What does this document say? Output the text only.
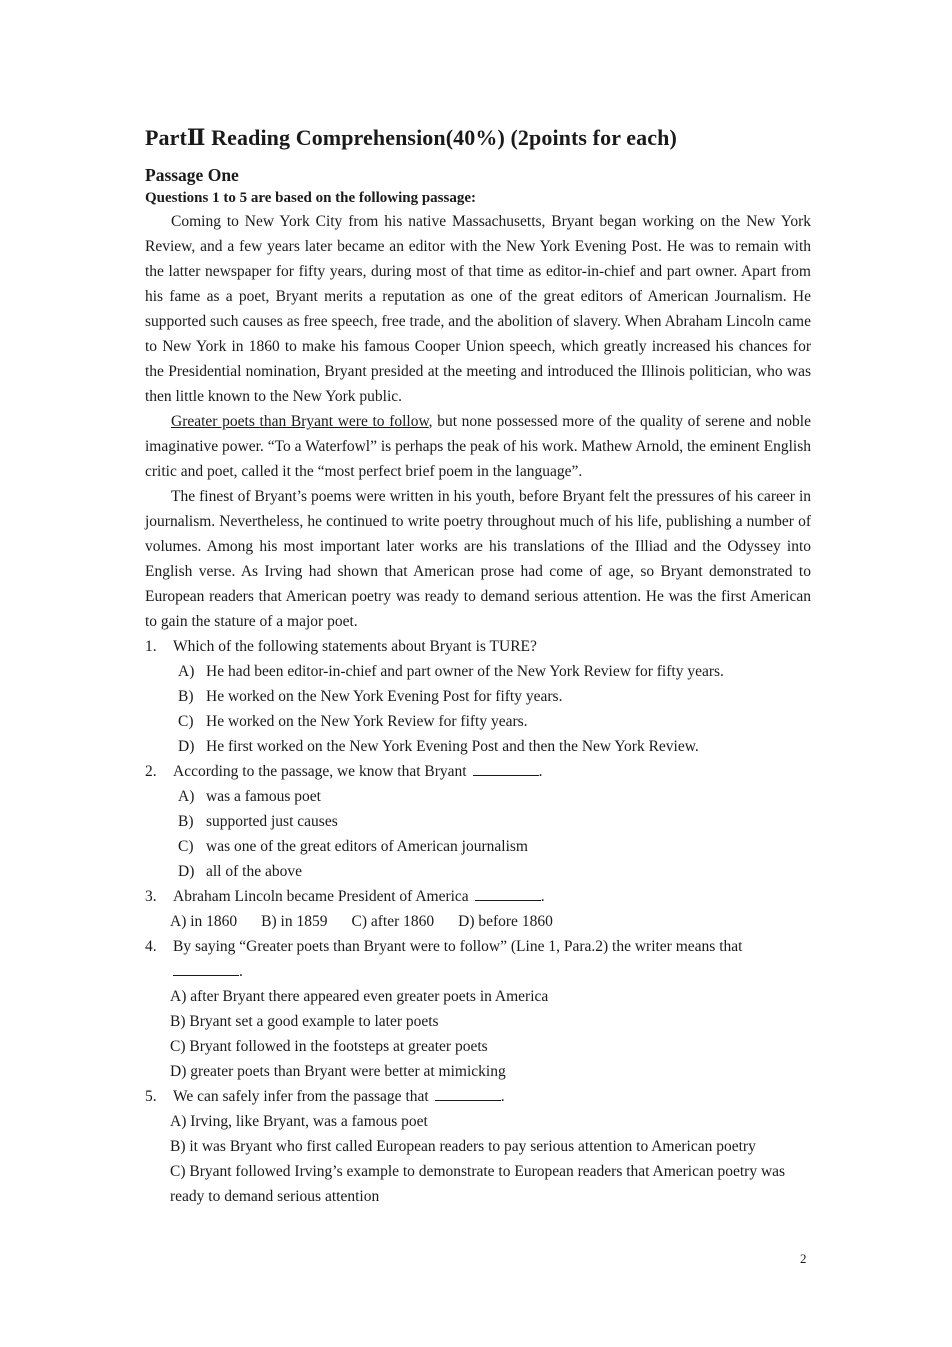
PartⅡ Reading Comprehension(40%) (2points for each)
Passage One
Questions 1 to 5 are based on the following passage:

Coming to New York City from his native Massachusetts, Bryant began working on the New York Review, and a few years later became an editor with the New York Evening Post. He was to remain with the latter newspaper for fifty years, during most of that time as editor-in-chief and part owner. Apart from his fame as a poet, Bryant merits a reputation as one of the great editors of American Journalism. He supported such causes as free speech, free trade, and the abolition of slavery. When Abraham Lincoln came to New York in 1860 to make his famous Cooper Union speech, which greatly increased his chances for the Presidential nomination, Bryant presided at the meeting and introduced the Illinois politician, who was then little known to the New York public.

Greater poets than Bryant were to follow, but none possessed more of the quality of serene and noble imaginative power. “To a Waterfowl” is perhaps the peak of his work. Mathew Arnold, the eminent English critic and poet, called it the “most perfect brief poem in the language”.

The finest of Bryant’s poems were written in his youth, before Bryant felt the pressures of his career in journalism. Nevertheless, he continued to write poetry throughout much of his life, publishing a number of volumes. Among his most important later works are his translations of the Illiad and the Odyssey into English verse. As Irving had shown that American prose had come of age, so Bryant demonstrated to European readers that American poetry was ready to demand serious attention. He was the first American to gain the stature of a major poet.

1. Which of the following statements about Bryant is TURE?
A) He had been editor-in-chief and part owner of the New York Review for fifty years.
B) He worked on the New York Evening Post for fifty years.
C) He worked on the New York Review for fifty years.
D) He first worked on the New York Evening Post and then the New York Review.
2. According to the passage, we know that Bryant	.
A) was a famous poet
B) supported just causes
C) was one of the great editors of American journalism
D) all of the above
3. Abraham Lincoln became President of America	.
A) in 1860 B) in 1859 C) after 1860 D) before 1860
4. By saying “Greater poets than Bryant were to follow” (Line 1, Para.2) the writer means that
.
A) after Bryant there appeared even greater poets in America
B) Bryant set a good example to later poets
C) Bryant followed in the footsteps at greater poets
D) greater poets than Bryant were better at mimicking
5. We can safely infer from the passage that	.
A) Irving, like Bryant, was a famous poet
B) it was Bryant who first called European readers to pay serious attention to American poetry
C) Bryant followed Irving’s example to demonstrate to European readers that American poetry was ready to demand serious attention
2
